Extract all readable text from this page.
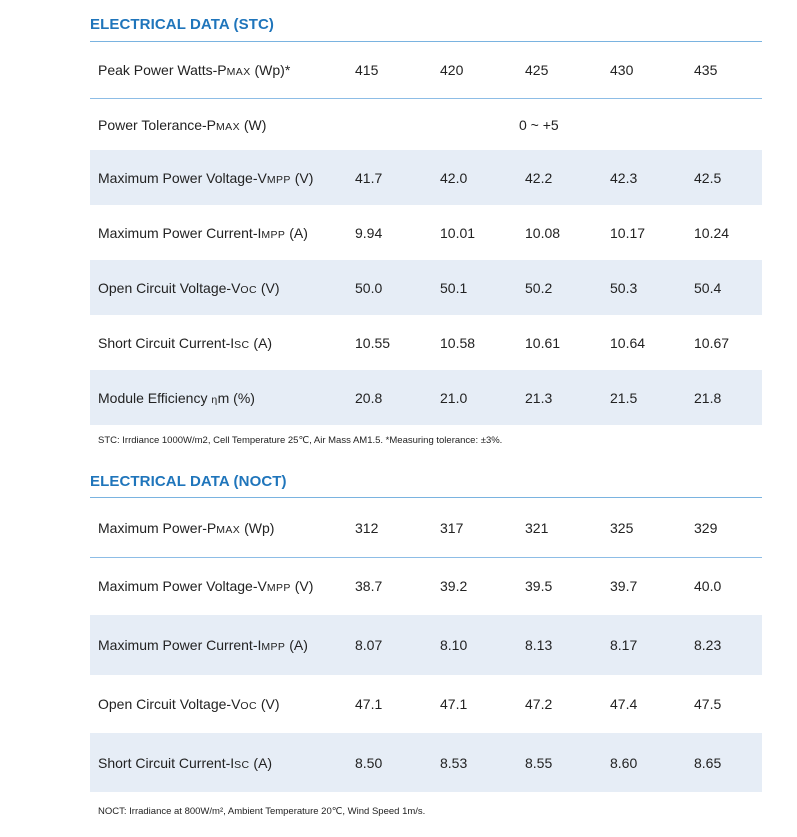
ELECTRICAL DATA (STC)
Peak Power Watts-PMAX (Wp)*	415	420	425	430	435
Power Tolerance-PMAX (W)	0 ~ +5
Maximum Power Voltage-VMPP (V)	41.7	42.0	42.2	42.3	42.5
Maximum Power Current-IMPP (A)	9.94	10.01	10.08	10.17	10.24
Open Circuit Voltage-VOC (V)	50.0	50.1	50.2	50.3	50.4
Short Circuit Current-ISC (A)	10.55	10.58	10.61	10.64	10.67
Module Efficiency ηm (%)	20.8	21.0	21.3	21.5	21.8

STC: Irrdiance 1000W/m2, Cell Temperature 25℃, Air Mass AM1.5. *Measuring tolerance: ±3%.

ELECTRICAL DATA (NOCT)
Maximum Power-PMAX (Wp)	312	317	321	325	329
Maximum Power Voltage-VMPP (V)	38.7	39.2	39.5	39.7	40.0
Maximum Power Current-IMPP (A)	8.07	8.10	8.13	8.17	8.23
Open Circuit Voltage-VOC (V)	47.1	47.1	47.2	47.4	47.5
Short Circuit Current-ISC (A)	8.50	8.53	8.55	8.60	8.65

NOCT: Irradiance at 800W/m², Ambient Temperature 20℃, Wind Speed 1m/s.
